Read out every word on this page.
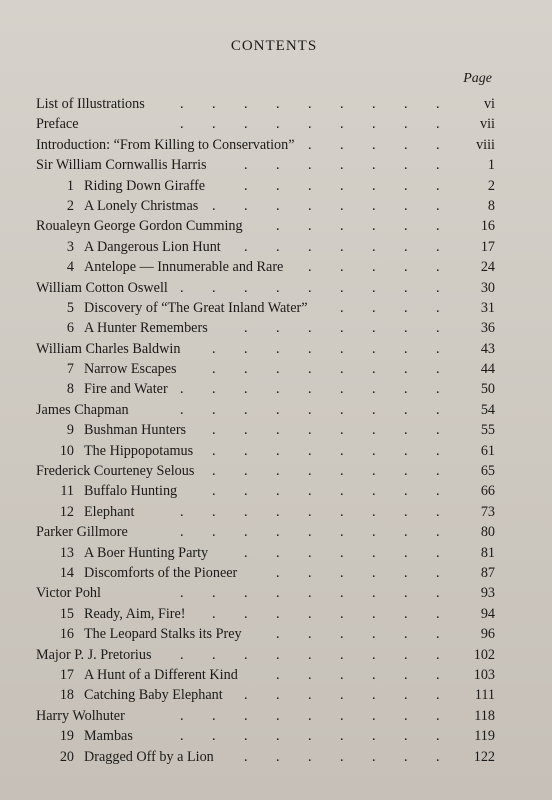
CONTENTS
Page
List of Illustrations . . . . . . . . .	vi
Preface	. . . . . . . . .	vii
Introduction: “From Killing to Conservation” . . . . .	viii
Sir William Cornwallis Harris	. . . . . . .	1
1 Riding Down Giraffe	. . . . . . .	2
2 A Lonely Christmas . . . . . . . .	8
Roualeyn George Gordon Cumming . . . . . .	16
3 A Dangerous Lion Hunt . . . . . . .	17
4 Antelope — Innumerable and Rare . . . . .	24
William Cotton Oswell . . . . . . . . .	30
5 Discovery of “The Great Inland Water” . . . .	31
6 A Hunter Remembers	. . . . . . .	36
William Charles Baldwin . . . . . . . .	43
7 Narrow Escapes . . . . . . . .	44
8 Fire and Water . . . . . . . . .	50
James Chapman	. . . . . . . . .	54
9 Bushman Hunters . . . . . . . .	55
10 The Hippopotamus . . . . . . . .	61
Frederick Courteney Selous . . . . . . . .	65
11 Buffalo Hunting . . . . . . . .	66
12 Elephant	. . . . . . . . .	73
Parker Gillmore	. . . . . . . . .	80
13 A Boer Hunting Party	. . . . . . .	81
14 Discomforts of the Pioneer	. . . . . .	87
Victor Pohl	. . . . . . . . .	93
15 Ready, Aim, Fire! . . . . . . . .	94
16 The Leopard Stalks its Prey . . . . . .	96
Major P. J. Pretorius . . . . . . . . . 102
17 A Hunt of a Different Kind	. . . . . . 103
18 Catching Baby Elephant . . . . . . . 111
Harry Wolhuter	. . . . . . . . . 118
19 Mambas	. . . . . . . . . 119
20 Dragged Off by a Lion . . . . . . . 122
